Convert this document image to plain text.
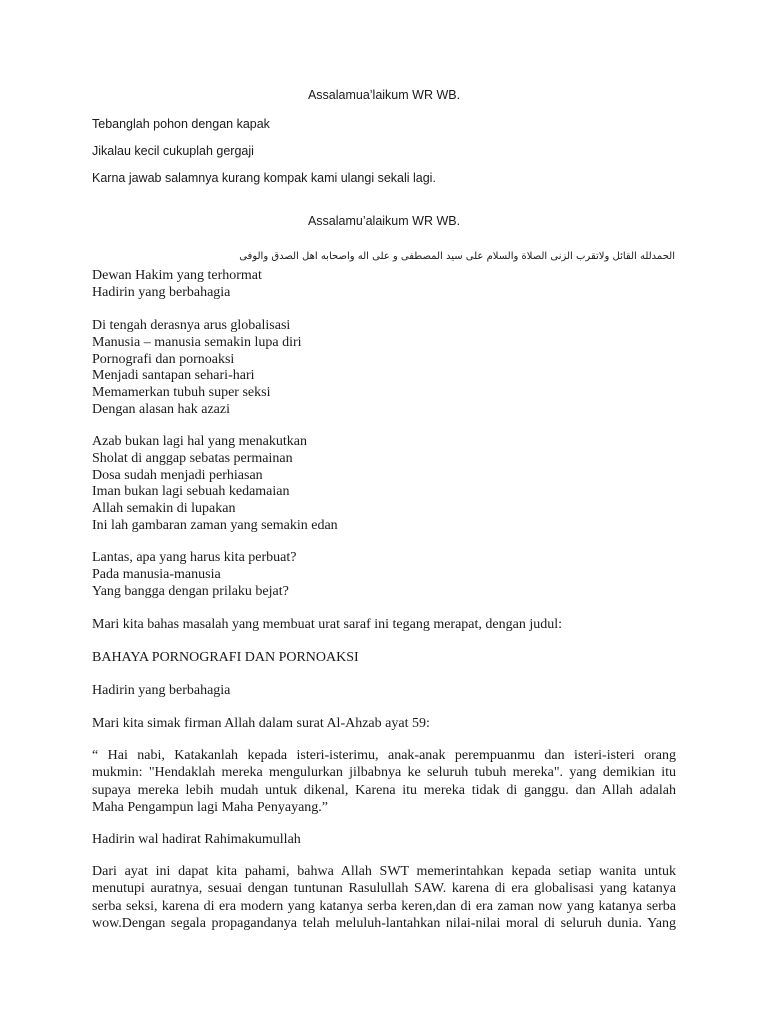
Assalamua’laikum WR WB.

Tebanglah pohon dengan kapak

Jikalau kecil cukuplah gergaji

Karna jawab salamnya kurang kompak kami ulangi sekali lagi.

Assalamu’alaikum WR WB.

الحمدلله القائل ولاتقرب الزنى الصلاة والسلام على سيد المصطفى و على اله واصحابه اهل الصدق والوفى

Dewan Hakim yang terhormat
Hadirin yang berbahagia
Di tengah derasnya arus globalisasi
Manusia – manusia semakin lupa diri
Pornografi dan pornoaksi
Menjadi santapan sehari-hari
Memamerkan tubuh super seksi
Dengan alasan hak azazi
Azab bukan lagi hal yang menakutkan
Sholat di anggap sebatas permainan
Dosa sudah menjadi perhiasan
Iman bukan lagi sebuah kedamaian
Allah semakin di lupakan
Ini lah gambaran zaman yang semakin edan
Lantas, apa yang harus kita perbuat?
Pada manusia-manusia
Yang bangga dengan prilaku bejat?

Mari kita bahas masalah yang membuat urat saraf ini tegang merapat, dengan judul:

BAHAYA PORNOGRAFI DAN PORNOAKSI

Hadirin yang berbahagia

Mari kita simak firman Allah dalam surat Al-Ahzab ayat 59:

“ Hai nabi, Katakanlah kepada isteri-isterimu, anak-anak perempuanmu dan isteri-isteri orang
mukmin: "Hendaklah mereka mengulurkan jilbabnya ke seluruh tubuh mereka". yang demikian itu
supaya mereka lebih mudah untuk dikenal, Karena itu mereka tidak di ganggu. dan Allah adalah
Maha Pengampun lagi Maha Penyayang.”

Hadirin wal hadirat Rahimakumullah

Dari ayat ini dapat kita pahami, bahwa Allah SWT memerintahkan kepada setiap wanita untuk
menutupi auratnya, sesuai dengan tuntunan Rasulullah SAW. karena di era globalisasi yang katanya
serba seksi, karena di era modern yang katanya serba keren,dan di era zaman now yang katanya serba
wow.Dengan segala propagandanya telah meluluh-lantahkan nilai-nilai moral di seluruh dunia. Yang
